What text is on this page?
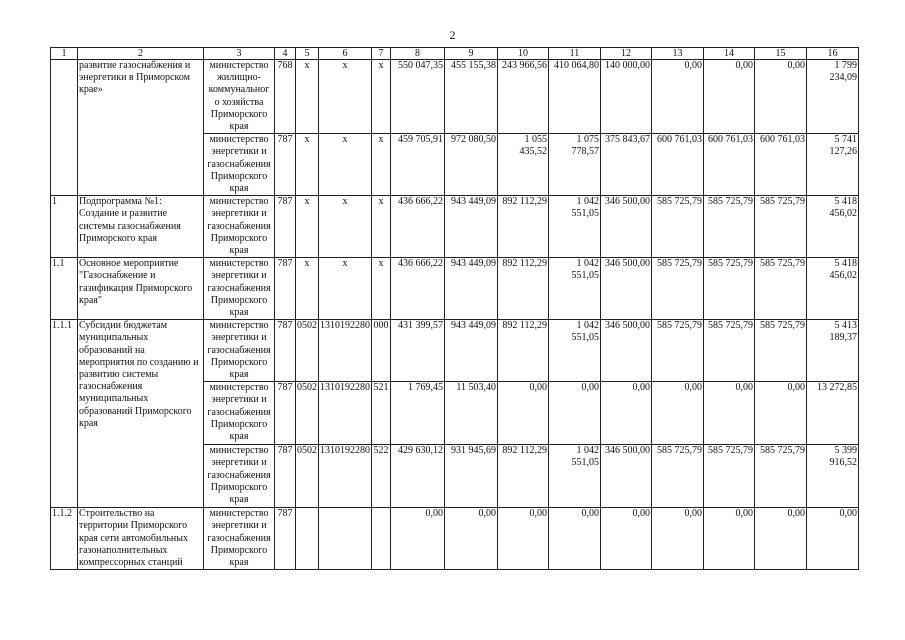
2
1	2	3	4	5	6	7	8	9	10	11	12	13	14	15	16
	развитие газоснабжения и энергетики в Приморском крае»	министерство жилищно-коммунальног о хозяйства Приморского края	768	x	x	x	550 047,35	455 155,38	243 966,56	410 064,80	140 000,00	0,00	0,00	0,00	1 799 234,09
		министерство энергетики и газоснабжения Приморского края	787	x	x	x	459 705,91	972 080,50	1 055 435,52	1 075 778,57	375 843,67	600 761,03	600 761,03	600 761,03	5 741 127,26
1	Подпрограмма №1: Создание и развитие системы газоснабжения Приморского края	министерство энергетики и газоснабжения Приморского края	787	x	x	x	436 666,22	943 449,09	892 112,29	1 042 551,05	346 500,00	585 725,79	585 725,79	585 725,79	5 418 456,02
1.1	Основное мероприятие "Газоснабжение и газификация Приморского края"	министерство энергетики и газоснабжения Приморского края	787	x	x	x	436 666,22	943 449,09	892 112,29	1 042 551,05	346 500,00	585 725,79	585 725,79	585 725,79	5 418 456,02
1.1.1	Субсидии бюджетам муниципальных образований на мероприятия по созданию и развитию системы газоснабжения муниципальных образований Приморского края	министерство энергетики и газоснабжения Приморского края	787	0502	1310192280	000	431 399,57	943 449,09	892 112,29	1 042 551,05	346 500,00	585 725,79	585 725,79	585 725,79	5 413 189,37
		министерство энергетики и газоснабжения Приморского края	787	0502	1310192280	521	1 769,45	11 503,40	0,00	0,00	0,00	0,00	0,00	0,00	13 272,85
		министерство энергетики и газоснабжения Приморского края	787	0502	1310192280	522	429 630,12	931 945,69	892 112,29	1 042 551,05	346 500,00	585 725,79	585 725,79	585 725,79	5 399 916,52
1.1.2	Строительство на территории Приморского края сети автомобильных газонаполнительных компрессорных станций	министерство энергетики и газоснабжения Приморского края	787				0,00	0,00	0,00	0,00	0,00	0,00	0,00	0,00	0,00
